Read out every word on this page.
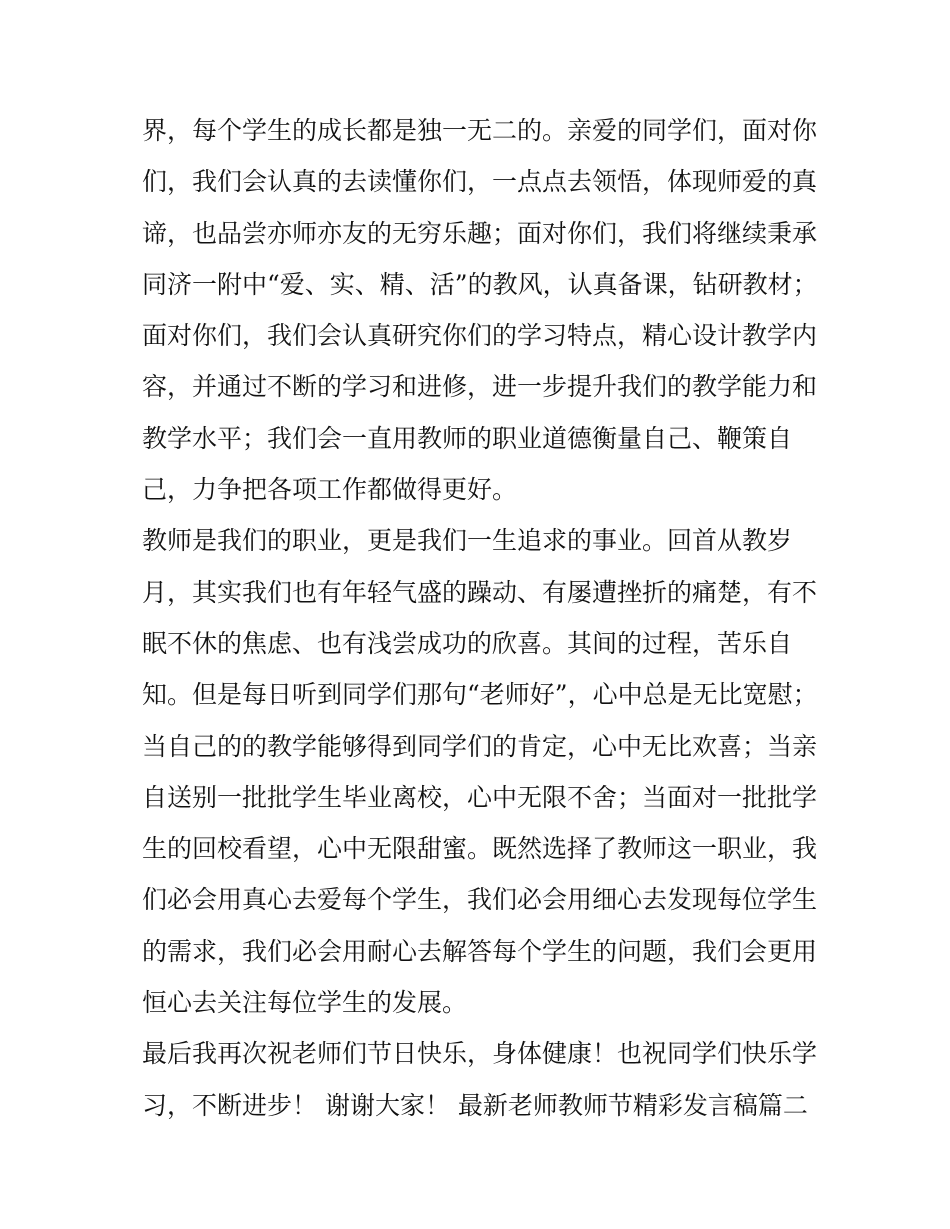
界，每个学生的成长都是独一无二的。亲爱的同学们，面对你
们，我们会认真的去读懂你们，一点点去领悟，体现师爱的真
谛，也品尝亦师亦友的无穷乐趣；面对你们，我们将继续秉承
同济一附中“爱、实、精、活”的教风，认真备课，钻研教材；
面对你们，我们会认真研究你们的学习特点，精心设计教学内
容，并通过不断的学习和进修，进一步提升我们的教学能力和
教学水平；我们会一直用教师的职业道德衡量自己、鞭策自
己，力争把各项工作都做得更好。
教师是我们的职业，更是我们一生追求的事业。回首从教岁
月，其实我们也有年轻气盛的躁动、有屡遭挫折的痛楚，有不
眠不休的焦虑、也有浅尝成功的欣喜。其间的过程，苦乐自
知。但是每日听到同学们那句“老师好”，心中总是无比宽慰；
当自己的的教学能够得到同学们的肯定，心中无比欢喜；当亲
自送别一批批学生毕业离校，心中无限不舍；当面对一批批学
生的回校看望，心中无限甜蜜。既然选择了教师这一职业，我
们必会用真心去爱每个学生，我们必会用细心去发现每位学生
的需求，我们必会用耐心去解答每个学生的问题，我们会更用
恒心去关注每位学生的发展。
最后我再次祝老师们节日快乐，身体健康！也祝同学们快乐学
习，不断进步！ 谢谢大家！ 最新老师教师节精彩发言稿篇二
